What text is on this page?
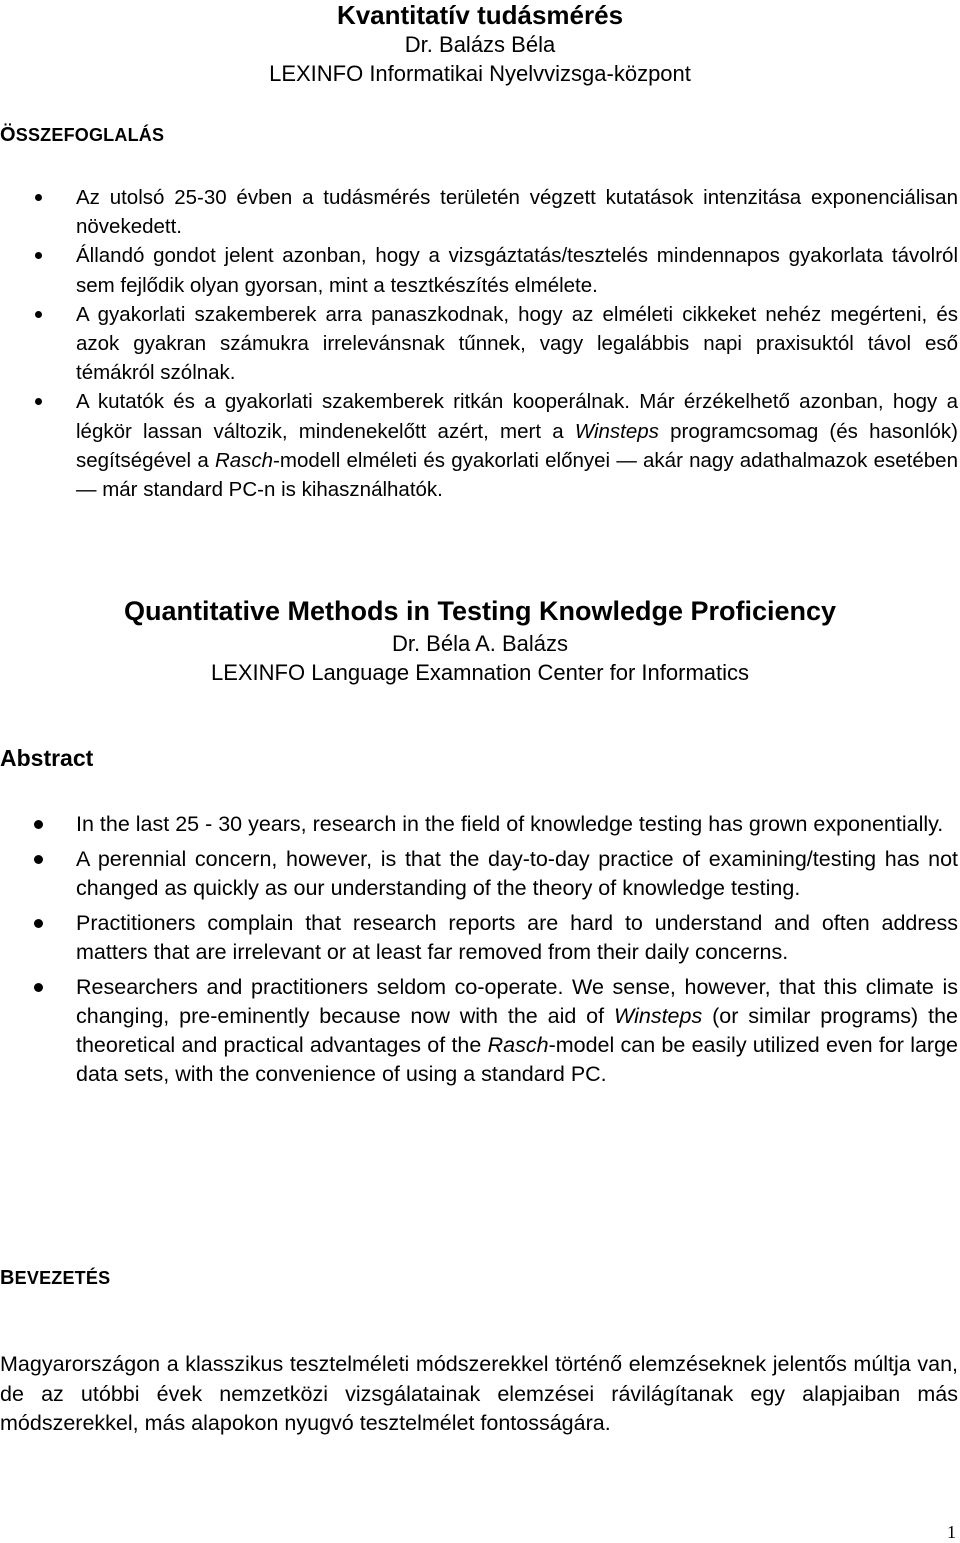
Kvantitatív tudásmérés
Dr. Balázs Béla
LEXINFO Informatikai Nyelvvizsga-központ
ÖSSZEFOGLALÁS
Az utolsó 25-30 évben a tudásmérés területén végzett kutatások intenzitása exponenciálisan növekedett.
Állandó gondot jelent azonban, hogy a vizsgáztatás/tesztelés mindennapos gyakorlata távolról sem fejlődik olyan gyorsan, mint a tesztkészítés elmélete.
A gyakorlati szakemberek arra panaszkodnak, hogy az elméleti cikkeket nehéz megérteni, és azok gyakran számukra irrelevánsnak tűnnek, vagy legalábbis napi praxisuktól távol eső témákról szólnak.
A kutatók és a gyakorlati szakemberek ritkán kooperálnak. Már érzékelhető azonban, hogy a légkör lassan változik, mindenekelőtt azért, mert a Winsteps programcsomag (és hasonlók) segítségével a Rasch-modell elméleti és gyakorlati előnyei — akár nagy adathalmazok esetében — már standard PC-n is kihasználhatók.
Quantitative Methods in Testing Knowledge Proficiency
Dr. Béla A. Balázs
LEXINFO Language Examnation Center for Informatics
Abstract
In the last 25 - 30 years, research in the field of knowledge testing has grown exponentially.
A perennial concern, however, is that the day-to-day practice of examining/testing has not changed as quickly as our understanding of the theory of knowledge testing.
Practitioners complain that research reports are hard to understand and often address matters that are irrelevant or at least far removed from their daily concerns.
Researchers and practitioners seldom co-operate. We sense, however, that this climate is changing, pre-eminently because now with the aid of Winsteps (or similar programs) the theoretical and practical advantages of the Rasch-model can be easily utilized even for large data sets, with the convenience of using a standard PC.
BEVEZETÉS

Magyarországon a klasszikus tesztelméleti módszerekkel történő elemzéseknek jelentős múltja van, de az utóbbi évek nemzetközi vizsgálatainak elemzései rávilágítanak egy alapjaiban más módszerekkel, más alapokon nyugvó tesztelmélet fontosságára.

1
